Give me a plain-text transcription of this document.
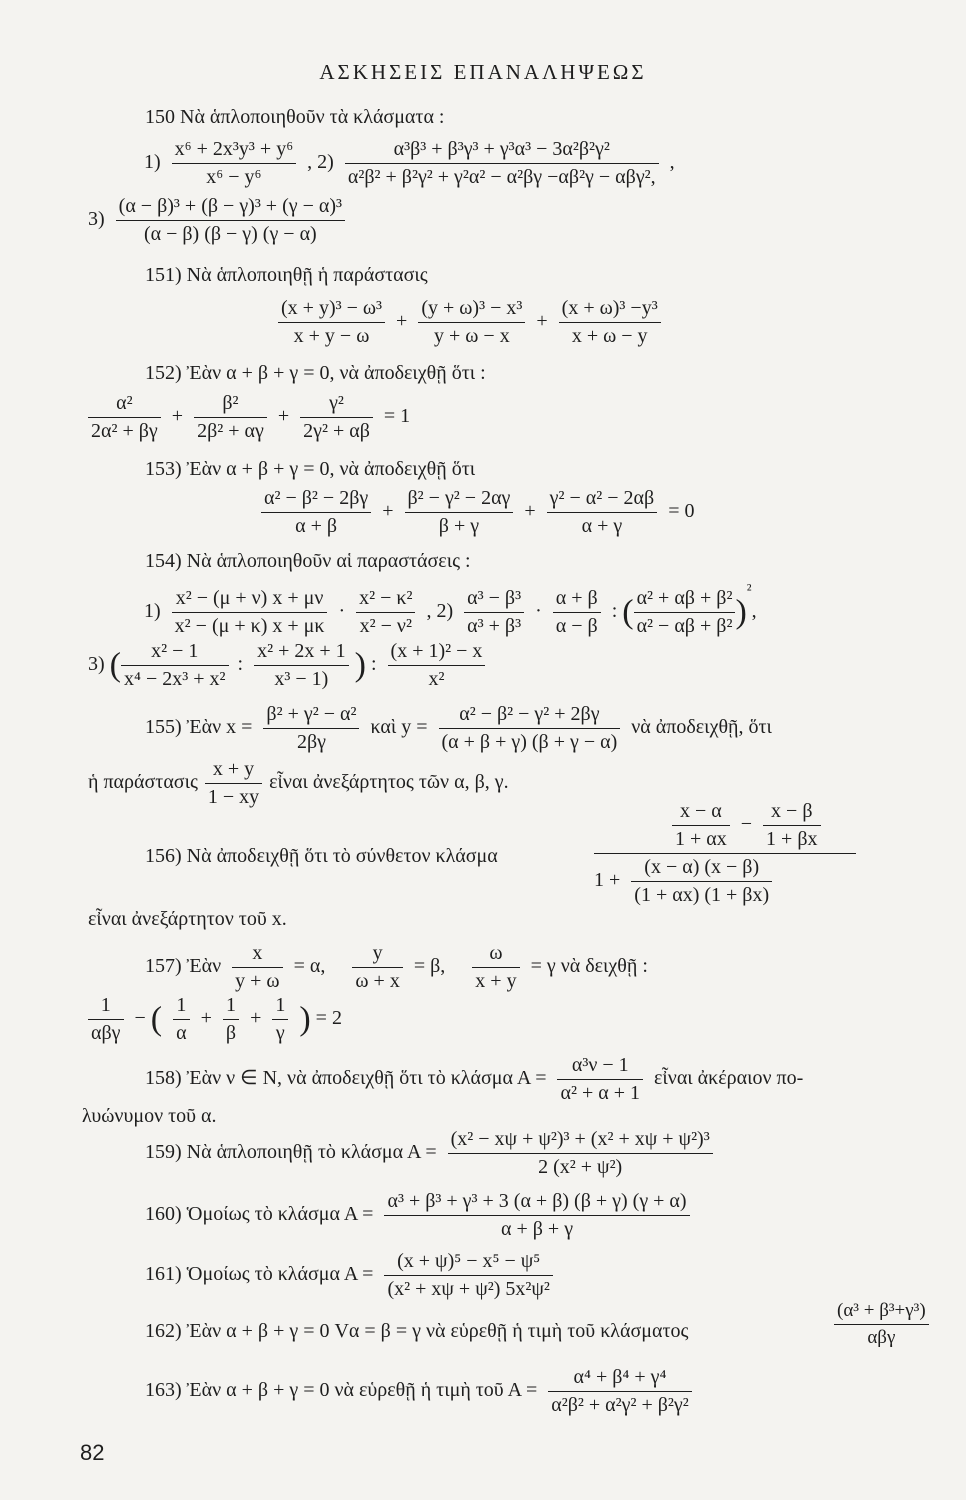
ΑΣΚΗΣΕΙΣ ΕΠΑΝΑΛΗΨΕΩΣ
150 Νὰ ἁπλοποιηθοῦν τὰ κλάσματα :
$1) \frac{\text{x⁶ + 2x³y³ + y⁶}}{\text{x⁶ − y⁶}}$ , $2) \frac{\text{α³β³ + β³γ³ + γ³α³ − 3α²β²γ²}}{\text{α²β² + β²γ² + γ²α² − α²βγ −αβ²γ − αβγ²,}}$ ,
$3) \frac{\text{(α − β)³ + (β − γ)³ + (γ − α)³}}{(\alpha - \beta) (\beta - \gamma) (\gamma - \alpha)}$
151) Νὰ ἁπλοποιηθῇ ἡ παράστασις
$\frac{\text{(x + y)³ − ω³}}{x + y - \omega} + \frac{\text{(y + ω)³ − x³}}{y + \omega - x} + \frac{\text{(x + ω)³ −y³}}{x + \omega - y}$
152) Ἐὰν α + β + γ = 0, νὰ ἀποδειχθῇ ὅτι :
$\frac{\text{α²}}{\text{2α² + βγ}} + \frac{\text{β²}}{\text{2β² + αγ}} + \frac{\text{γ²}}{\text{2γ² + αβ}} = 1$
153) Ἐὰν α + β + γ = 0, νὰ ἀποδειχθῇ ὅτι
$\frac{\text{α² − β² − 2βγ}}{\alpha + \beta} + \frac{\text{β² − γ² − 2αγ}}{\beta + \gamma} + \frac{\text{γ² − α² − 2αβ}}{\alpha + \gamma} = 0$
154) Νὰ ἁπλοποιηθοῦν αἱ παραστάσεις :
$1) \frac{\text{x² − (μ + ν) x + μν}}{\text{x² − (μ + κ) x + μκ}} \cdot \frac{\text{x² − κ²}}{\text{x² − ν²}}$ , $2) \frac{\text{α³ − β³}}{\text{α³ + β³}} \cdot \frac{\alpha + \beta}{\alpha - \beta}$ : ( $\frac{\text{α² + αβ + β²}}{\text{α² − αβ + β²}} )^{^2}$,
3) ( $\frac{\text{x² − 1}}{\text{x⁴ − 2x³ + x²}}$ : $\frac{\text{x² + 2x + 1}}{\text{x³ − 1)}}$ ) : $\frac{\text{(x + 1)² − x}}{\text{x²}}$
155) Ἐὰν $x = \frac{\text{β² + γ² − α²}}{2\beta\gamma}$ καὶ $y = \frac{\text{α² − β² − γ² + 2βγ}}{(\alpha + \beta + \gamma) (\beta + \gamma - \alpha)}$ νὰ ἀποδειχθῇ, ὅτι
ἡ παράστασις $\frac{x + y}{1 - xy}$ εἶναι ἀνεξάρτητος τῶν α, β, γ.
156) Νὰ ἀποδειχθῇ ὅτι τὸ σύνθετον κλάσμα
$\frac{x - \alpha}{1 + \alpha x} - \frac{x - \beta}{1 + \beta x}$
$1 + \frac{(x - \alpha) (x - \beta)}{(1 + \alpha x) (1 + \beta x)}$
εἶναι ἀνεξάρτητον τοῦ x.
157) Ἐὰν $\frac{x}{y + \omega} = \alpha$, $\frac{y}{\omega + x} = \beta$, $\frac{\omega}{x + y} = \gamma$ νὰ δειχθῇ :
$\frac{1}{\text{αβγ}}$ − ( $\frac{1}{\alpha} + \frac{1}{\beta} + \frac{1}{\gamma}$ ) = 2
158) Ἐὰν ν ∈ N, νὰ ἀποδειχθῇ ὅτι τὸ κλάσμα $A = \frac{\text{α³ν − 1}}{\text{α² + α + 1}}$ εἶναι ἀκέραιον πο-
λυώνυμον τοῦ α.
159) Νὰ ἁπλοποιηθῇ τὸ κλάσμα $A = \frac{\text{(x² − xψ + ψ²)³ + (x² + xψ + ψ²)³}}{\text{2 (x² + ψ²)}}$
160) Ὁμοίως τὸ κλάσμα $A = \frac{\text{α³ + β³ + γ³ + 3 (α + β) (β + γ) (γ + α)}}{\alpha + \beta + \gamma}$
161) Ὁμοίως τὸ κλάσμα $A = \frac{\text{(x + ψ)⁵ − x⁵ − ψ⁵}}{\text{(x² + xψ + ψ²) 5x²ψ²}}$
162) Ἐὰν α + β + γ = 0 Vα = β = γ νὰ εὑρεθῇ ἡ τιμὴ τοῦ κλάσματος	$\frac{\text{(α³ + β³+γ³)}}{\text{αβγ}}$
163) Ἐὰν α + β + γ = 0 νὰ εὑρεθῇ ἡ τιμὴ τοῦ $A = \frac{\text{α⁴ + β⁴ + γ⁴}}{\text{α²β² + α²γ² + β²γ²}}$
82
